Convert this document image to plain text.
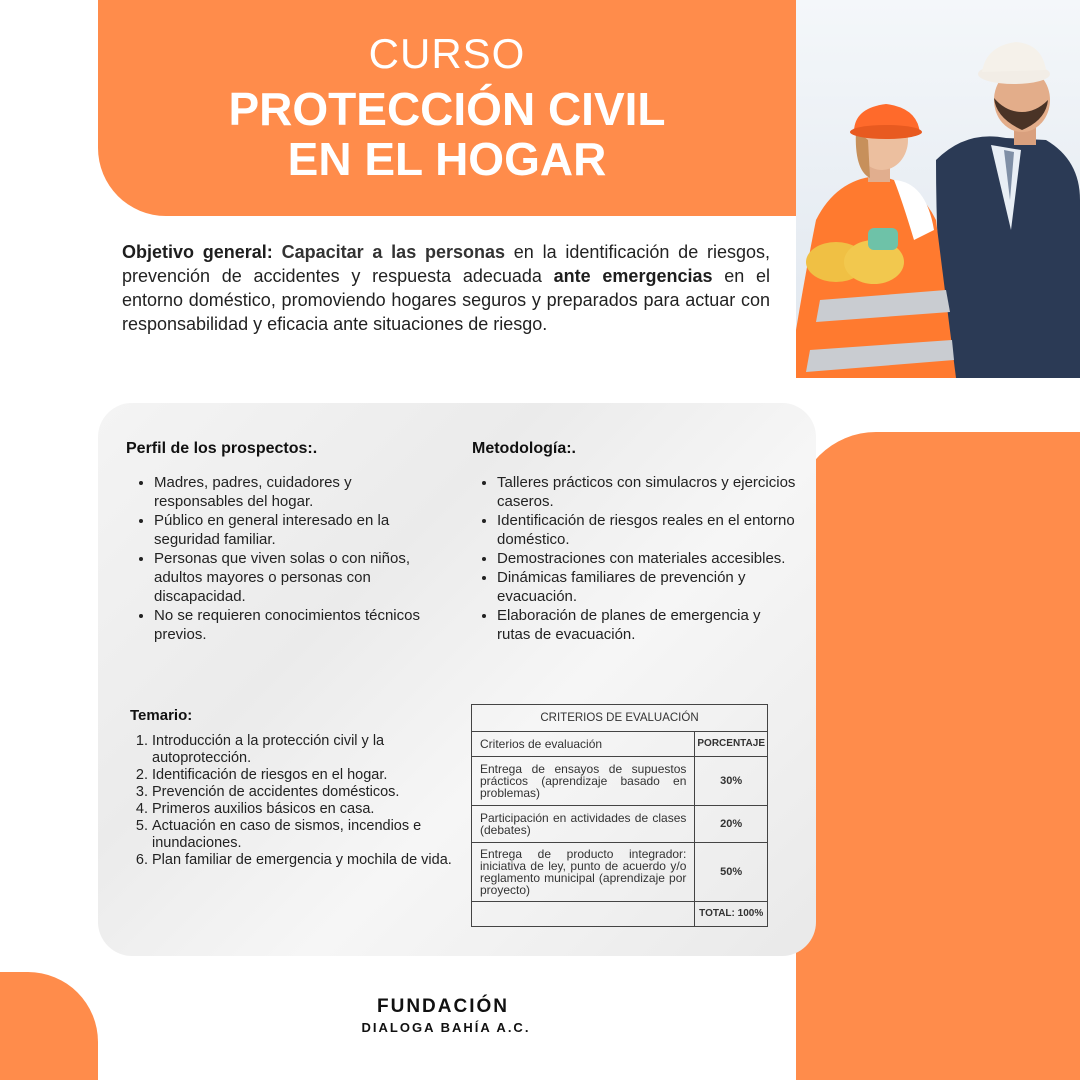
CURSO
PROTECCIÓN CIVIL
EN EL HOGAR

Objetivo general: Capacitar a las personas en la identificación de riesgos, prevención de accidentes y respuesta adecuada ante emergencias en el entorno doméstico, promoviendo hogares seguros y preparados para actuar con responsabilidad y eficacia ante situaciones de riesgo.

Perfil de los prospectos:.
• Madres, padres, cuidadores y responsables del hogar.
• Público en general interesado en la seguridad familiar.
• Personas que viven solas o con niños, adultos mayores o personas con discapacidad.
• No se requieren conocimientos técnicos previos.
Metodología:.
• Talleres prácticos con simulacros y ejercicios caseros.
• Identificación de riesgos reales en el entorno doméstico.
• Demostraciones con materiales accesibles.
• Dinámicas familiares de prevención y evacuación.
• Elaboración de planes de emergencia y rutas de evacuación.
Temario:
1. Introducción a la protección civil y la autoprotección.
2. Identificación de riesgos en el hogar.
3. Prevención de accidentes domésticos.
4. Primeros auxilios básicos en casa.
5. Actuación en caso de sismos, incendios e inundaciones.
6. Plan familiar de emergencia y mochila de vida.
CRITERIOS DE EVALUACIÓN	
Criterios de evaluación	PORCENTAJE
Entrega de ensayos de supuestos prácticos (aprendizaje basado en problemas)	30%
Participación en actividades de clases (debates)	20%
Entrega de producto integrador: iniciativa de ley, punto de acuerdo y/o reglamento municipal (aprendizaje por proyecto)	50%
	TOTAL: 100%
FUNDACIÓN
DIALOGA BAHÍA A.C.
